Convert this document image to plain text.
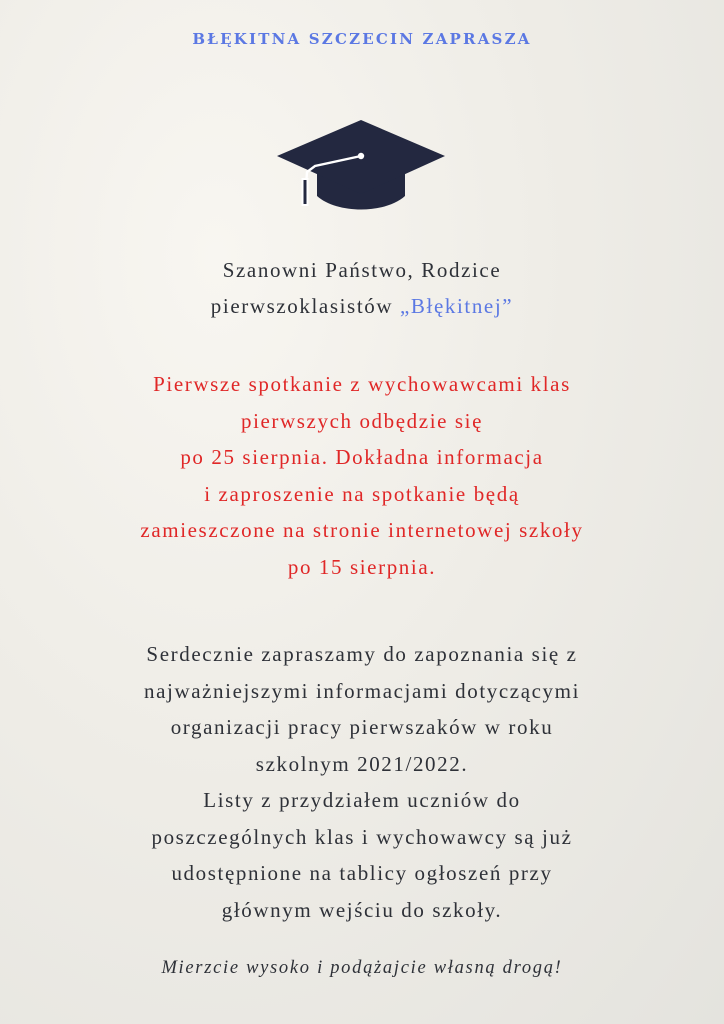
BŁĘKITNA SZCZECIN ZAPRASZA
Szanowni Państwo, Rodzice
pierwszoklasistów „Błękitnej”
Pierwsze spotkanie z wychowawcami klas
pierwszych odbędzie się
po 25 sierpnia. Dokładna informacja
i zaproszenie na spotkanie będą
zamieszczone na stronie internetowej szkoły
po 15 sierpnia.
Serdecznie zapraszamy do zapoznania się z
najważniejszymi informacjami dotyczącymi
organizacji pracy pierwszaków w roku
szkolnym 2021/2022.
Listy z przydziałem uczniów do
poszczególnych klas i wychowawcy są już
udostępnione na tablicy ogłoszeń przy
głównym wejściu do szkoły.
Mierzcie wysoko i podążajcie własną drogą!
